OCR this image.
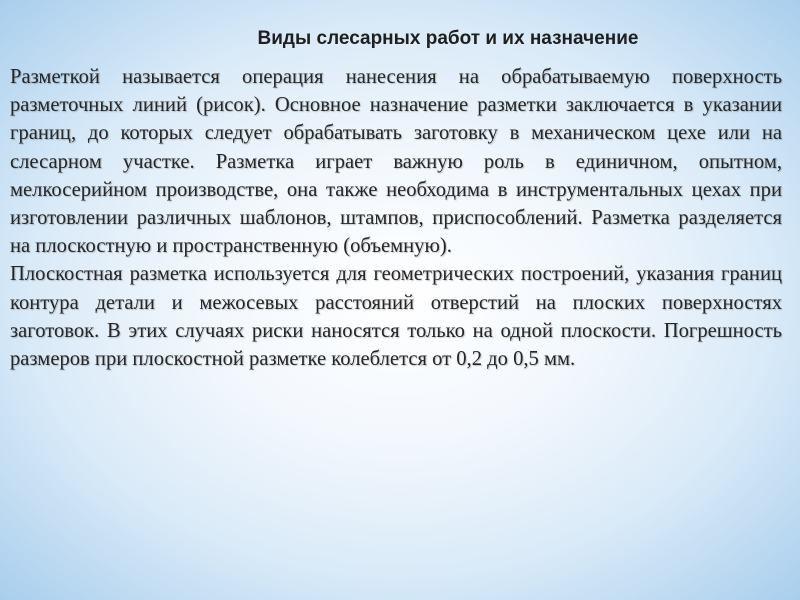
Виды слесарных работ и их назначение

Разметкой называется операция нанесения на обрабатываемую поверхность разметочных линий (рисок). Основное назначение разметки заключается в указании границ, до которых следует обрабатывать заготовку в механическом цехе или на слесарном участке. Разметка играет важную роль в единичном, опытном, мелкосерийном производстве, она также необходима в инструментальных цехах при изготовлении различных шаблонов, штампов, приспособлений. Разметка разделяется на плоскостную и пространственную (объемную).

Плоскостная разметка используется для геометрических построений, указания границ контура детали и межосевых расстояний отверстий на плоских поверхностях заготовок. В этих случаях риски наносятся только на одной плоскости. Погрешность размеров при плоскостной разметке колеблется от 0,2 до 0,5 мм.
